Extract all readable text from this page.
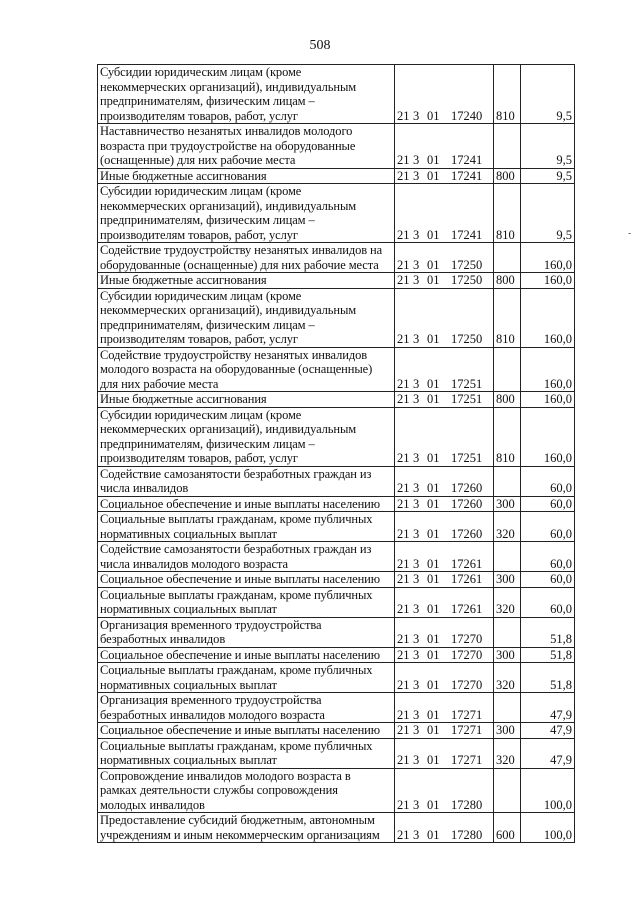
508
-
Субсидии юридическим лицам (кроме
некоммерческих организаций), индивидуальным
предпринимателям, физическим лицам –
производителям товаров, работ, услуг	21 3 01 17240	810	9,5
Наставничество незанятых инвалидов молодого
возраста при трудоустройстве на оборудованные
(оснащенные) для них рабочие места	21 3 01 17241		9,5
Иные бюджетные ассигнования	21 3 01 17241	800	9,5
Субсидии юридическим лицам (кроме
некоммерческих организаций), индивидуальным
предпринимателям, физическим лицам –
производителям товаров, работ, услуг	21 3 01 17241	810	9,5
Содействие трудоустройству незанятых инвалидов на
оборудованные (оснащенные) для них рабочие места	21 3 01 17250		160,0
Иные бюджетные ассигнования	21 3 01 17250	800	160,0
Субсидии юридическим лицам (кроме
некоммерческих организаций), индивидуальным
предпринимателям, физическим лицам –
производителям товаров, работ, услуг	21 3 01 17250	810	160,0
Содействие трудоустройству незанятых инвалидов
молодого возраста на оборудованные (оснащенные)
для них рабочие места	21 3 01 17251		160,0
Иные бюджетные ассигнования	21 3 01 17251	800	160,0
Субсидии юридическим лицам (кроме
некоммерческих организаций), индивидуальным
предпринимателям, физическим лицам –
производителям товаров, работ, услуг	21 3 01 17251	810	160,0
Содействие самозанятости безработных граждан из
числа инвалидов	21 3 01 17260		60,0
Социальное обеспечение и иные выплаты населению	21 3 01 17260	300	60,0
Социальные выплаты гражданам, кроме публичных
нормативных социальных выплат	21 3 01 17260	320	60,0
Содействие самозанятости безработных граждан из
числа инвалидов молодого возраста	21 3 01 17261		60,0
Социальное обеспечение и иные выплаты населению	21 3 01 17261	300	60,0
Социальные выплаты гражданам, кроме публичных
нормативных социальных выплат	21 3 01 17261	320	60,0
Организация временного трудоустройства
безработных инвалидов	21 3 01 17270		51,8
Социальное обеспечение и иные выплаты населению	21 3 01 17270	300	51,8
Социальные выплаты гражданам, кроме публичных
нормативных социальных выплат	21 3 01 17270	320	51,8
Организация временного трудоустройства
безработных инвалидов молодого возраста	21 3 01 17271		47,9
Социальное обеспечение и иные выплаты населению	21 3 01 17271	300	47,9
Социальные выплаты гражданам, кроме публичных
нормативных социальных выплат	21 3 01 17271	320	47,9
Сопровождение инвалидов молодого возраста в
рамках деятельности службы сопровождения
молодых инвалидов	21 3 01 17280		100,0
Предоставление субсидий бюджетным, автономным
учреждениям и иным некоммерческим организациям	21 3 01 17280	600	100,0
